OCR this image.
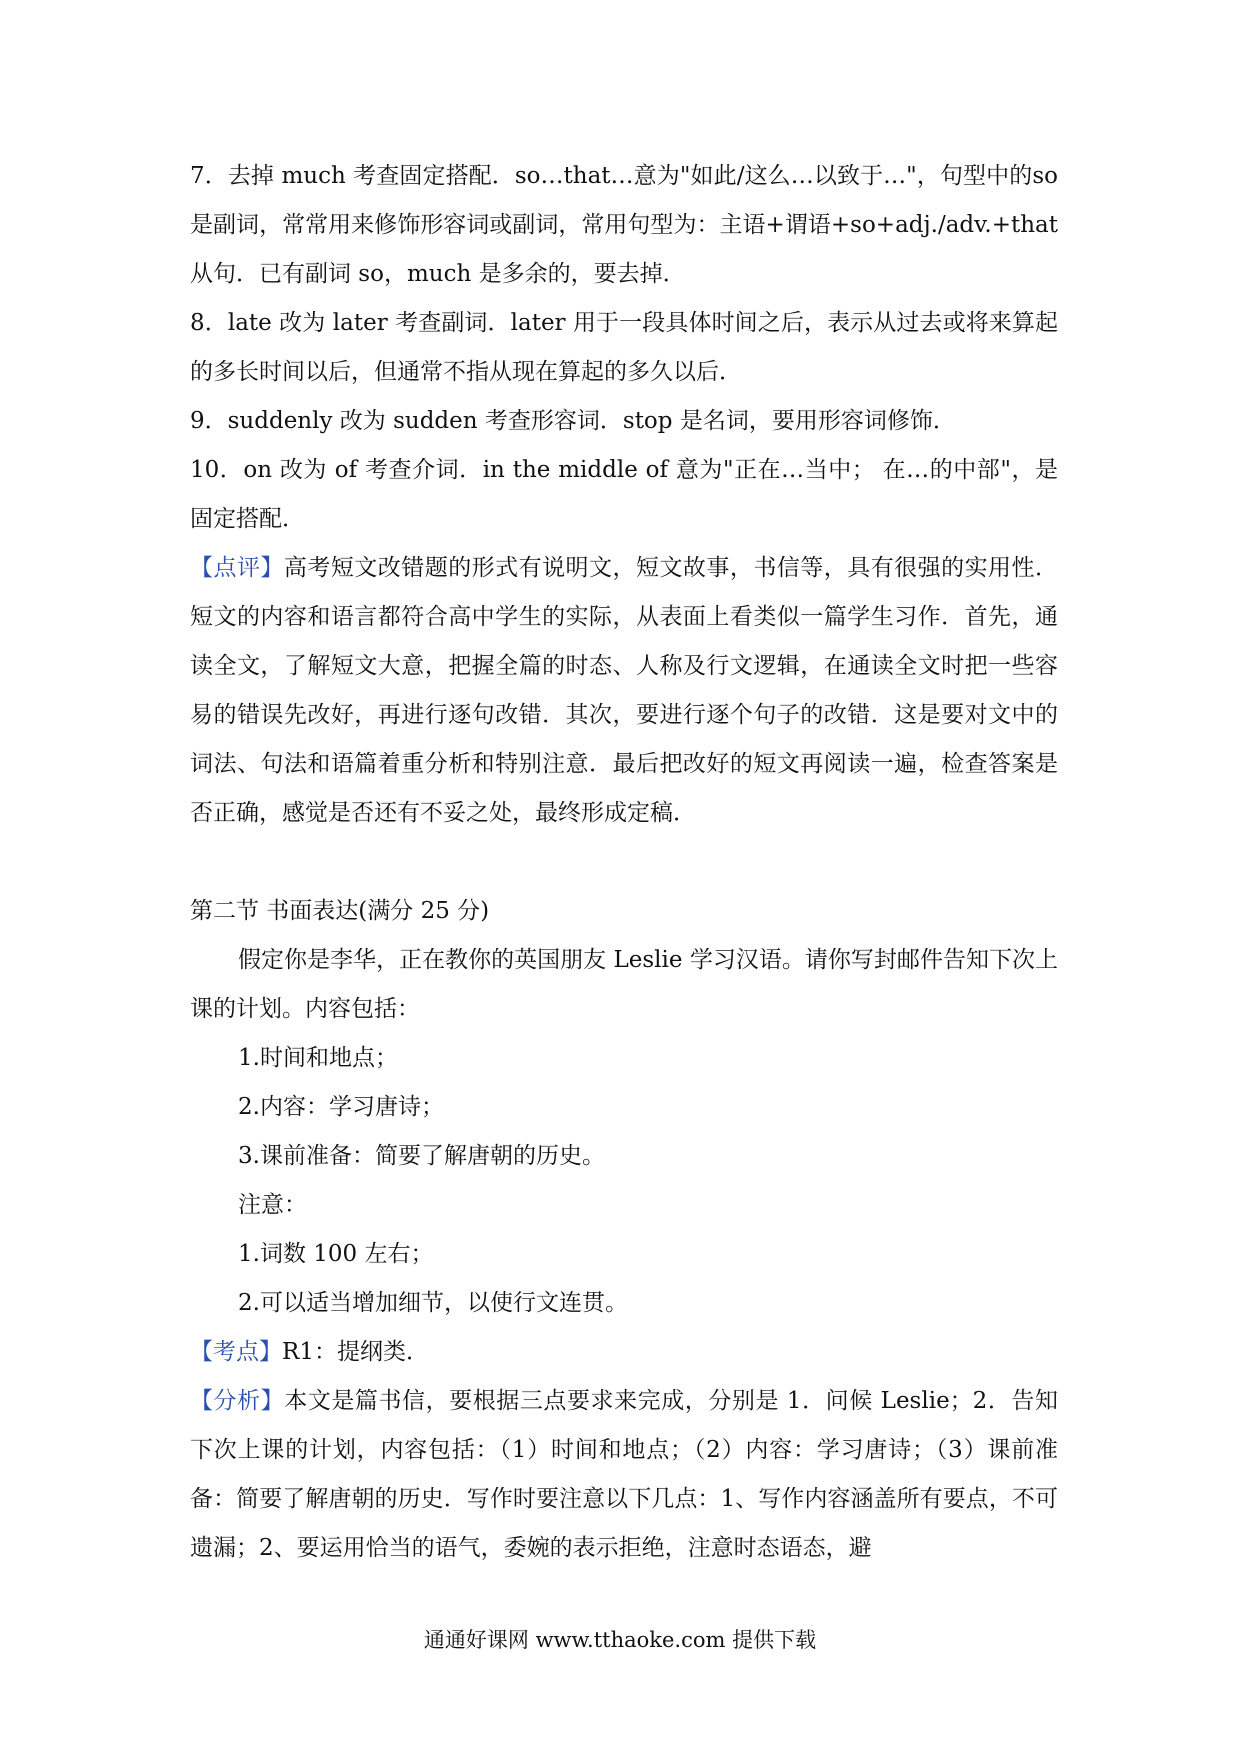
7．去掉 much 考查固定搭配．so…that…意为"如此/这么…以致于…"，句型中的so 是副词，常常用来修饰形容词或副词，常用句型为：主语+谓语+so+adj./adv.+that 从句．已有副词 so，much 是多余的，要去掉．

8．late 改为 later 考查副词．later 用于一段具体时间之后，表示从过去或将来算起的多长时间以后，但通常不指从现在算起的多久以后．

9．suddenly 改为 sudden 考查形容词．stop 是名词，要用形容词修饰．

10．on 改为 of 考查介词．in the middle of 意为"正在…当中； 在…的中部"，是固定搭配．

【点评】高考短文改错题的形式有说明文，短文故事，书信等，具有很强的实用性．短文的内容和语言都符合高中学生的实际，从表面上看类似一篇学生习作．首先，通读全文，了解短文大意，把握全篇的时态、人称及行文逻辑，在通读全文时把一些容易的错误先改好，再进行逐句改错．其次，要进行逐个句子的改错．这是要对文中的词法、句法和语篇着重分析和特别注意．最后把改好的短文再阅读一遍，检查答案是否正确，感觉是否还有不妥之处，最终形成定稿．

第二节 书面表达(满分 25 分)

假定你是李华，正在教你的英国朋友 Leslie 学习汉语。请你写封邮件告知下次上课的计划。内容包括：

1.时间和地点；

2.内容：学习唐诗；

3.课前准备：简要了解唐朝的历史。

注意：

1.词数 100 左右；

2.可以适当增加细节，以使行文连贯。

【考点】R1：提纲类．

【分析】本文是篇书信，要根据三点要求来完成，分别是 1．问候 Leslie；2．告知下次上课的计划，内容包括：（1）时间和地点；（2）内容：学习唐诗；（3）课前准备：简要了解唐朝的历史．写作时要注意以下几点：1、写作内容涵盖所有要点，不可遗漏；2、要运用恰当的语气，委婉的表示拒绝，注意时态语态，避

通通好课网 www.tthaoke.com 提供下载
